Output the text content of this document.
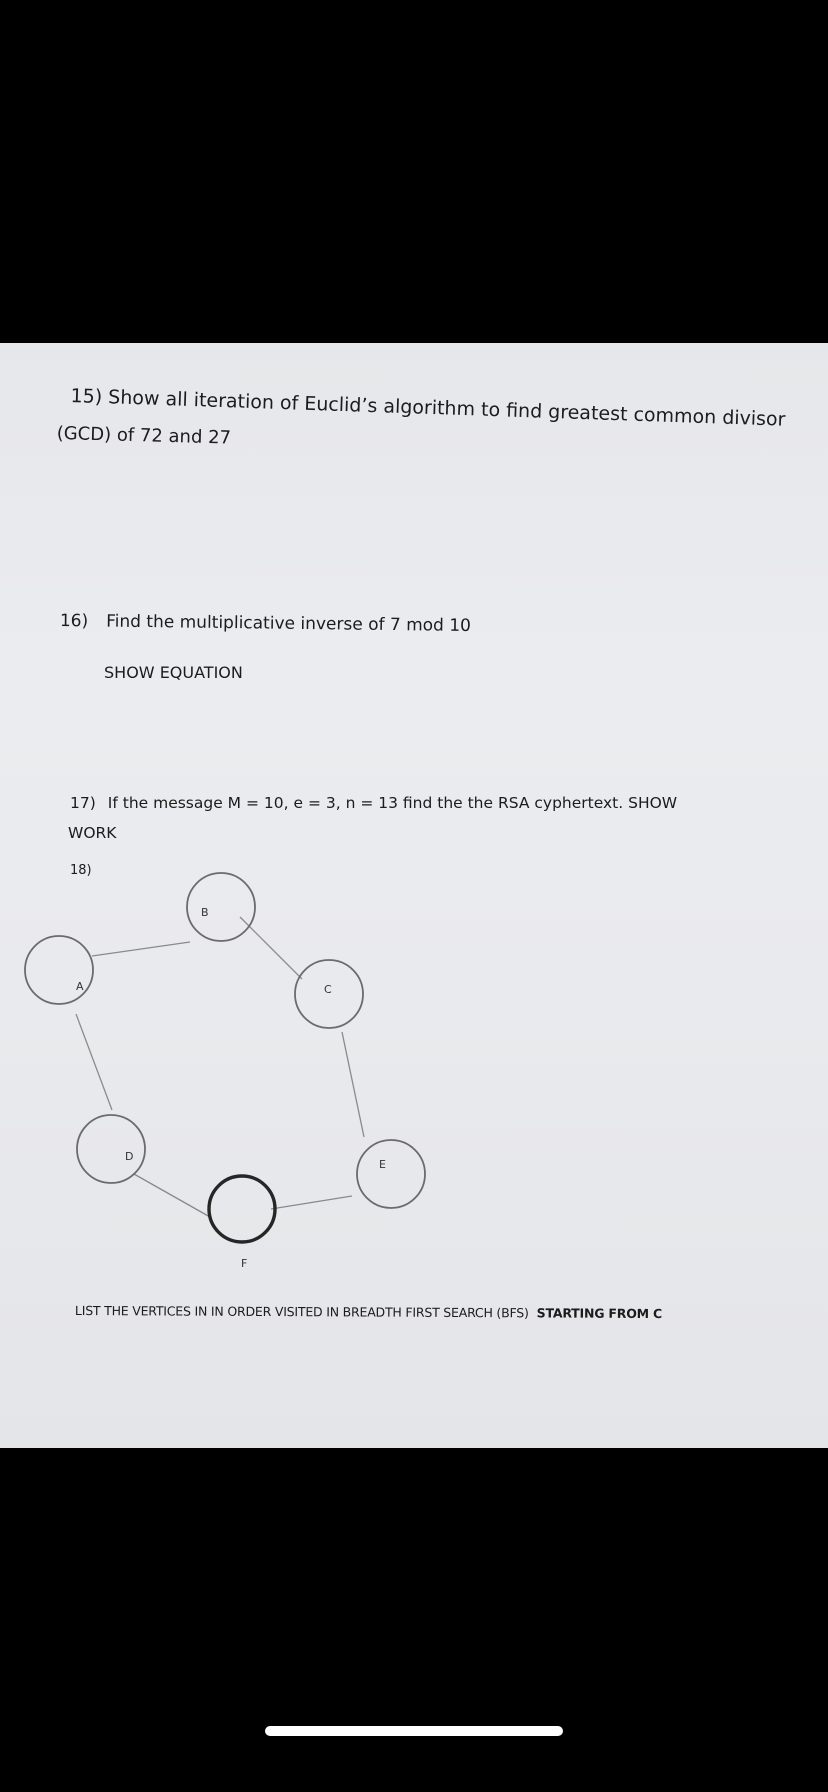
15) Show all iteration of Euclid’s algorithm to find greatest common divisor
(GCD) of 72 and 27
16) Find the multiplicative inverse of 7 mod 10
SHOW EQUATION
17) If the message M = 10, e = 3, n = 13 find the the RSA cyphertext. SHOW
WORK
18)
A
B
C
D
E
F
LIST THE VERTICES IN IN ORDER VISITED IN BREADTH FIRST SEARCH (BFS) STARTING FROM C
